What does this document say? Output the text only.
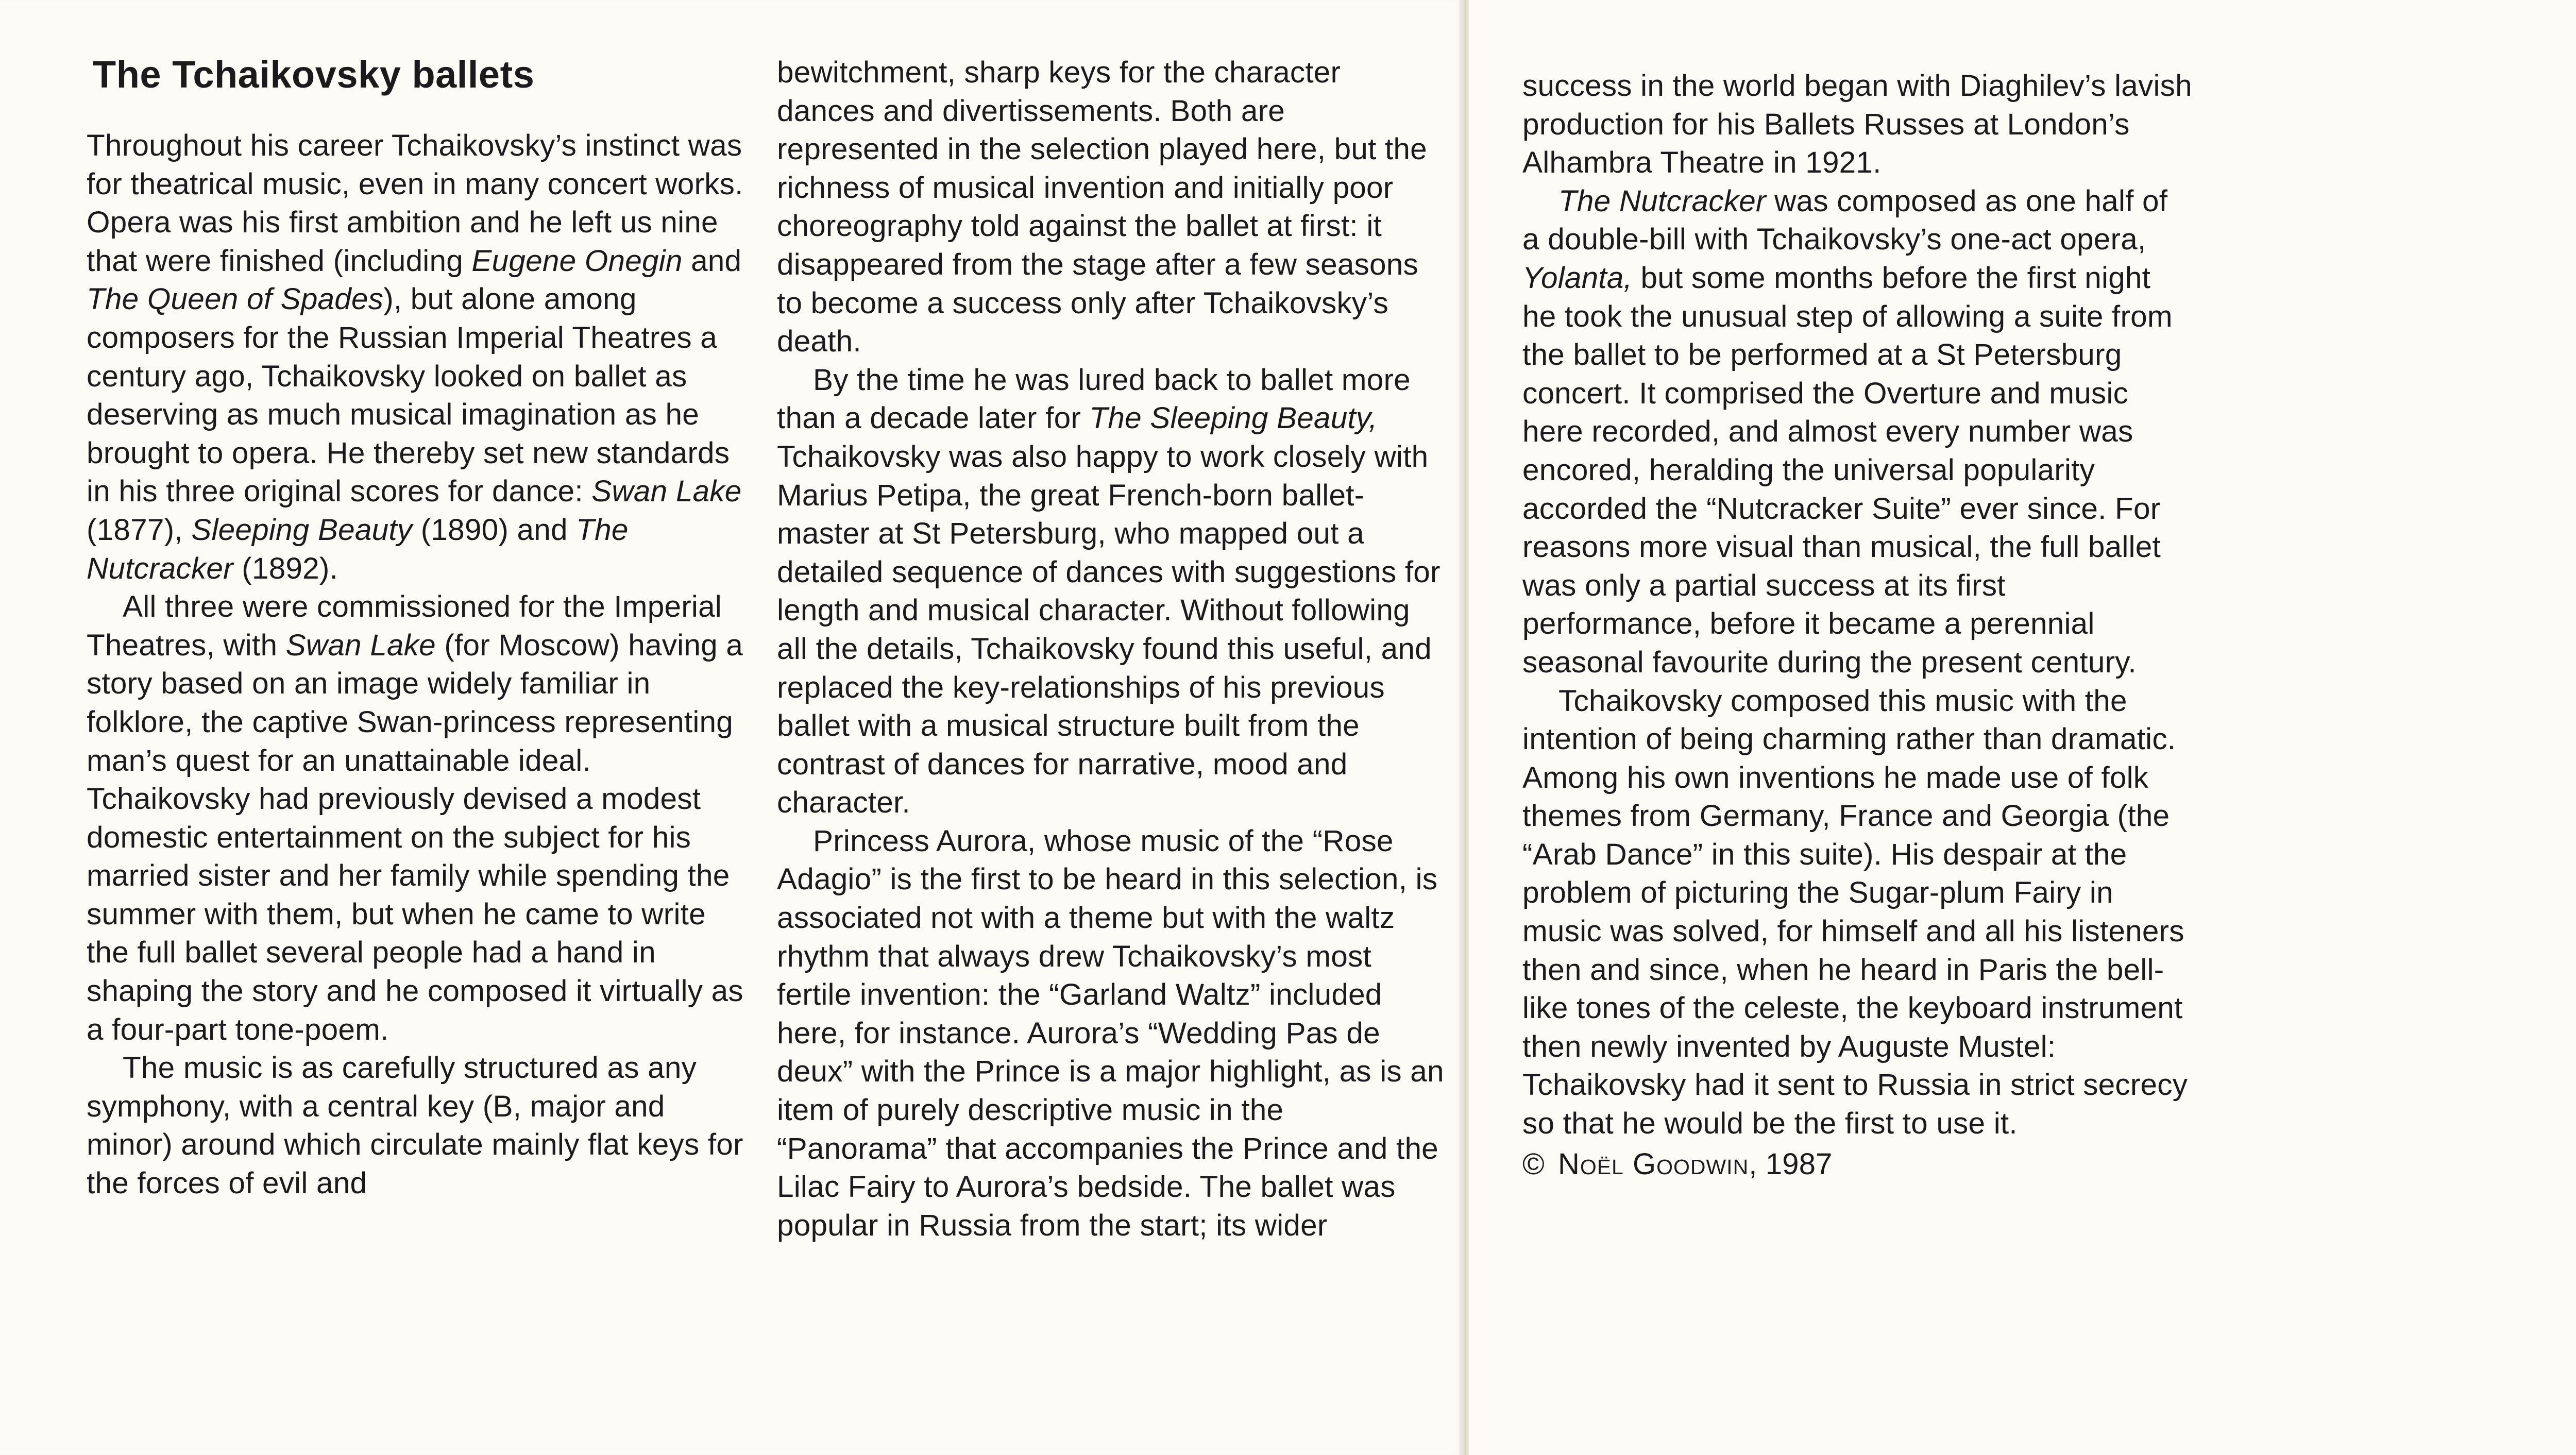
The Tchaikovsky ballets

Throughout his career Tchaikovsky’s instinct was for theatrical music, even in many concert works. Opera was his first ambition and he left us nine that were finished (including Eugene Onegin and The Queen of Spades), but alone among composers for the Russian Imperial Theatres a century ago, Tchaikovsky looked on ballet as deserving as much musical imagination as he brought to opera. He thereby set new standards in his three original scores for dance: Swan Lake (1877), Sleeping Beauty (1890) and The Nutcracker (1892).

All three were commissioned for the Imperial Theatres, with Swan Lake (for Moscow) having a story based on an image widely familiar in folklore, the captive Swan-princess representing man’s quest for an unattainable ideal. Tchaikovsky had previously devised a modest domestic entertainment on the subject for his married sister and her family while spending the summer with them, but when he came to write the full ballet several people had a hand in shaping the story and he composed it virtually as a four-part tone-poem.

The music is as carefully structured as any symphony, with a central key (B, major and minor) around which circulate mainly flat keys for the forces of evil and

bewitchment, sharp keys for the character dances and divertissements. Both are represented in the selection played here, but the richness of musical invention and initially poor choreography told against the ballet at first: it disappeared from the stage after a few seasons to become a success only after Tchaikovsky’s death.

By the time he was lured back to ballet more than a decade later for The Sleeping Beauty, Tchaikovsky was also happy to work closely with Marius Petipa, the great French-born ballet-master at St Petersburg, who mapped out a detailed sequence of dances with suggestions for length and musical character. Without following all the details, Tchaikovsky found this useful, and replaced the key-relationships of his previous ballet with a musical structure built from the contrast of dances for narrative, mood and character.

Princess Aurora, whose music of the “Rose Adagio” is the first to be heard in this selection, is associated not with a theme but with the waltz rhythm that always drew Tchaikovsky’s most fertile invention: the “Garland Waltz” included here, for instance. Aurora’s “Wedding Pas de deux” with the Prince is a major highlight, as is an item of purely descriptive music in the “Panorama” that accompanies the Prince and the Lilac Fairy to Aurora’s bedside. The ballet was popular in Russia from the start; its wider

success in the world began with Diaghilev’s lavish production for his Ballets Russes at London’s Alhambra Theatre in 1921.

The Nutcracker was composed as one half of a double-bill with Tchaikovsky’s one-act opera, Yolanta, but some months before the first night he took the unusual step of allowing a suite from the ballet to be performed at a St Petersburg concert. It comprised the Overture and music here recorded, and almost every number was encored, heralding the universal popularity accorded the “Nutcracker Suite” ever since. For reasons more visual than musical, the full ballet was only a partial success at its first performance, before it became a perennial seasonal favourite during the present century.

Tchaikovsky composed this music with the intention of being charming rather than dramatic. Among his own inventions he made use of folk themes from Germany, France and Georgia (the “Arab Dance” in this suite). His despair at the problem of picturing the Sugar-plum Fairy in music was solved, for himself and all his listeners then and since, when he heard in Paris the bell-like tones of the celeste, the keyboard instrument then newly invented by Auguste Mustel: Tchaikovsky had it sent to Russia in strict secrecy so that he would be the first to use it.

© Noël Goodwin, 1987
